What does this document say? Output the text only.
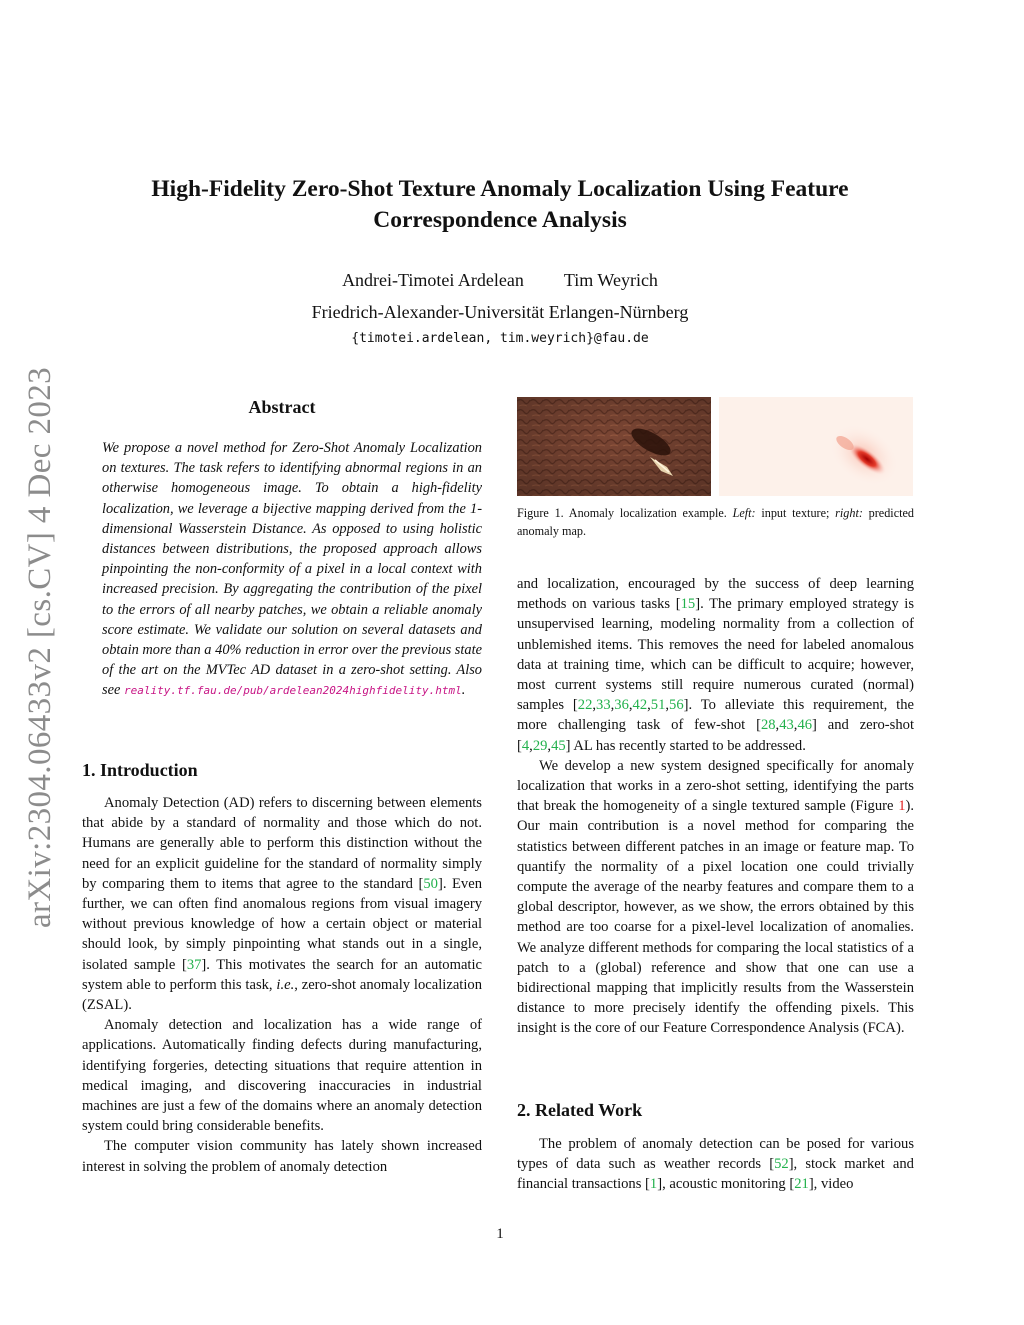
arXiv:2304.06433v2 [cs.CV] 4 Dec 2023
High-Fidelity Zero-Shot Texture Anomaly Localization Using Feature Correspondence Analysis
Andrei-Timotei Ardelean Tim Weyrich
Friedrich-Alexander-Universität Erlangen-Nürnberg
{timotei.ardelean, tim.weyrich}@fau.de
Abstract
We propose a novel method for Zero-Shot Anomaly Localization on textures. The task refers to identifying abnormal regions in an otherwise homogeneous image. To obtain a high-fidelity localization, we leverage a bijective mapping derived from the 1-dimensional Wasserstein Distance. As opposed to using holistic distances between distributions, the proposed approach allows pinpointing the non-conformity of a pixel in a local context with increased precision. By aggregating the contribution of the pixel to the errors of all nearby patches, we obtain a reliable anomaly score estimate. We validate our solution on several datasets and obtain more than a 40% reduction in error over the previous state of the art on the MVTec AD dataset in a zero-shot setting. Also see reality.tf.fau.de/pub/ardelean2024highfidelity.html.
1. Introduction

Anomaly Detection (AD) refers to discerning between elements that abide by a standard of normality and those which do not. Humans are generally able to perform this distinction without the need for an explicit guideline for the standard of normality simply by comparing them to items that agree to the standard [50]. Even further, we can often find anomalous regions from visual imagery without previous knowledge of how a certain object or material should look, by simply pinpointing what stands out in a single, isolated sample [37]. This motivates the search for an automatic system able to perform this task, i.e., zero-shot anomaly localization (ZSAL).

Anomaly detection and localization has a wide range of applications. Automatically finding defects during manufacturing, identifying forgeries, detecting situations that require attention in medical imaging, and discovering inaccuracies in industrial machines are just a few of the domains where an anomaly detection system could bring considerable benefits.

The computer vision community has lately shown increased interest in solving the problem of anomaly detection

Figure 1. Anomaly localization example. Left: input texture; right: predicted anomaly map.

and localization, encouraged by the success of deep learning methods on various tasks [15]. The primary employed strategy is unsupervised learning, modeling normality from a collection of unblemished items. This removes the need for labeled anomalous data at training time, which can be difficult to acquire; however, most current systems still require numerous curated (normal) samples [22,33,36,42,51,56]. To alleviate this requirement, the more challenging task of few-shot [28,43,46] and zero-shot [4,29,45] AL has recently started to be addressed.

We develop a new system designed specifically for anomaly localization that works in a zero-shot setting, identifying the parts that break the homogeneity of a single textured sample (Figure 1). Our main contribution is a novel method for comparing the statistics between different patches in an image or feature map. To quantify the normality of a pixel location one could trivially compute the average of the nearby features and compare them to a global descriptor, however, as we show, the errors obtained by this method are too coarse for a pixel-level localization of anomalies. We analyze different methods for comparing the local statistics of a patch to a (global) reference and show that one can use a bidirectional mapping that implicitly results from the Wasserstein distance to more precisely identify the offending pixels. This insight is the core of our Feature Correspondence Analysis (FCA).

2. Related Work

The problem of anomaly detection can be posed for various types of data such as weather records [52], stock market and financial transactions [1], acoustic monitoring [21], video

1
